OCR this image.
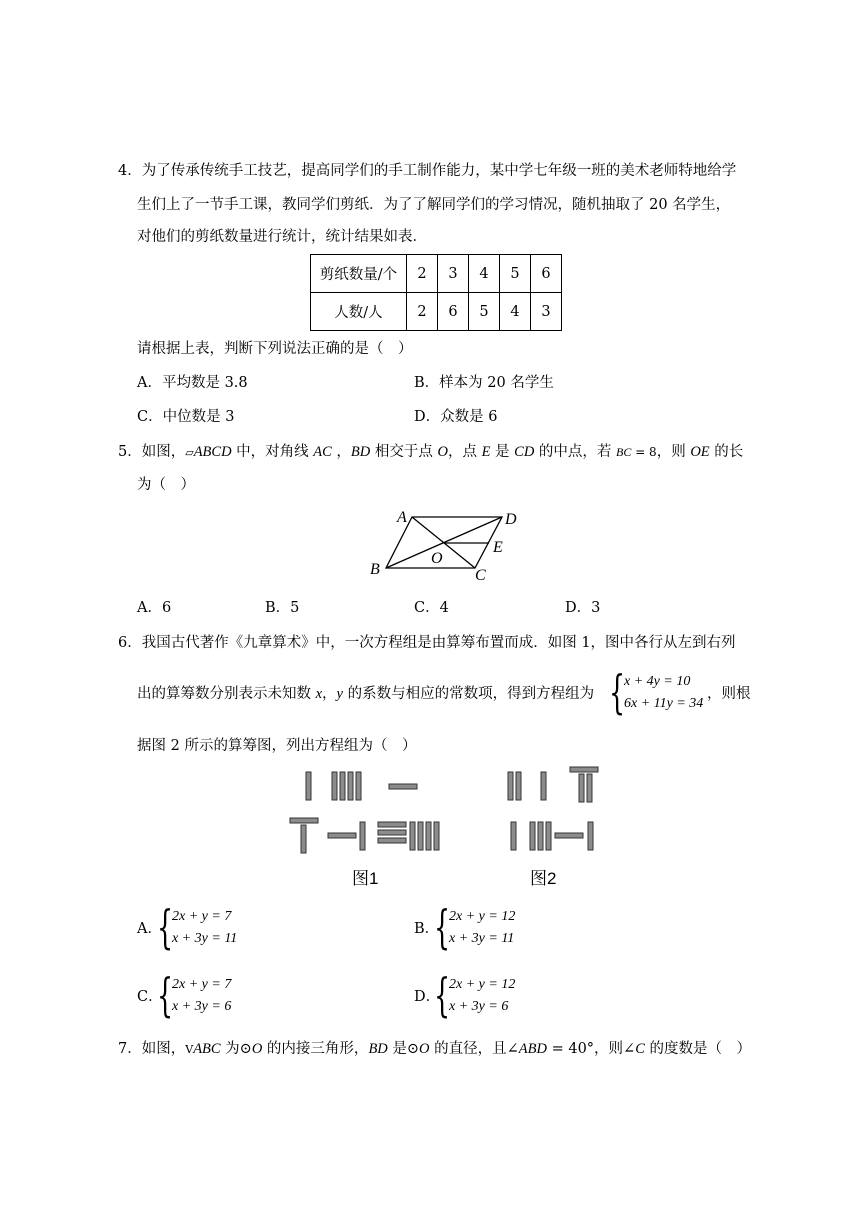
4．为了传承传统手工技艺，提高同学们的手工制作能力，某中学七年级一班的美术老师特地给学
生们上了一节手工课，教同学们剪纸．为了了解同学们的学习情况，随机抽取了 20 名学生，
对他们的剪纸数量进行统计，统计结果如表．
剪纸数量/个	2	3	4	5	6
人数/人	2	6	5	4	3
请根据上表，判断下列说法正确的是（　）
A．平均数是 3.8	B．样本为 20 名学生
C．中位数是 3	D．众数是 6
5．如图，▱ABCD 中，对角线 AC ，BD 相交于点 O，点 E 是 CD 的中点，若 BC = 8，则 OE 的长
为（　）
A	D
E
O
B	C
A．6	B．5	C．4	D．3
6．我国古代著作《九章算术》中，一次方程组是由算筹布置而成．如图 1，图中各行从左到右列
出的算筹数分别表示未知数 x，y 的系数与相应的常数项，得到方程组为 {
x + 4y = 10
6x + 11y = 34
，则根
据图 2 所示的算筹图，列出方程组为（　）
图1	图2
A．
{
2x + y = 7
x + 3y = 11
B．
{
2x + y = 12
x + 3y = 11
C．
{
2x + y = 7
x + 3y = 6
D．
{
2x + y = 12
x + 3y = 6
7．如图，VABC 为⊙O 的内接三角形，BD 是⊙O 的直径，且∠ABD = 40°，则∠C 的度数是（　）
